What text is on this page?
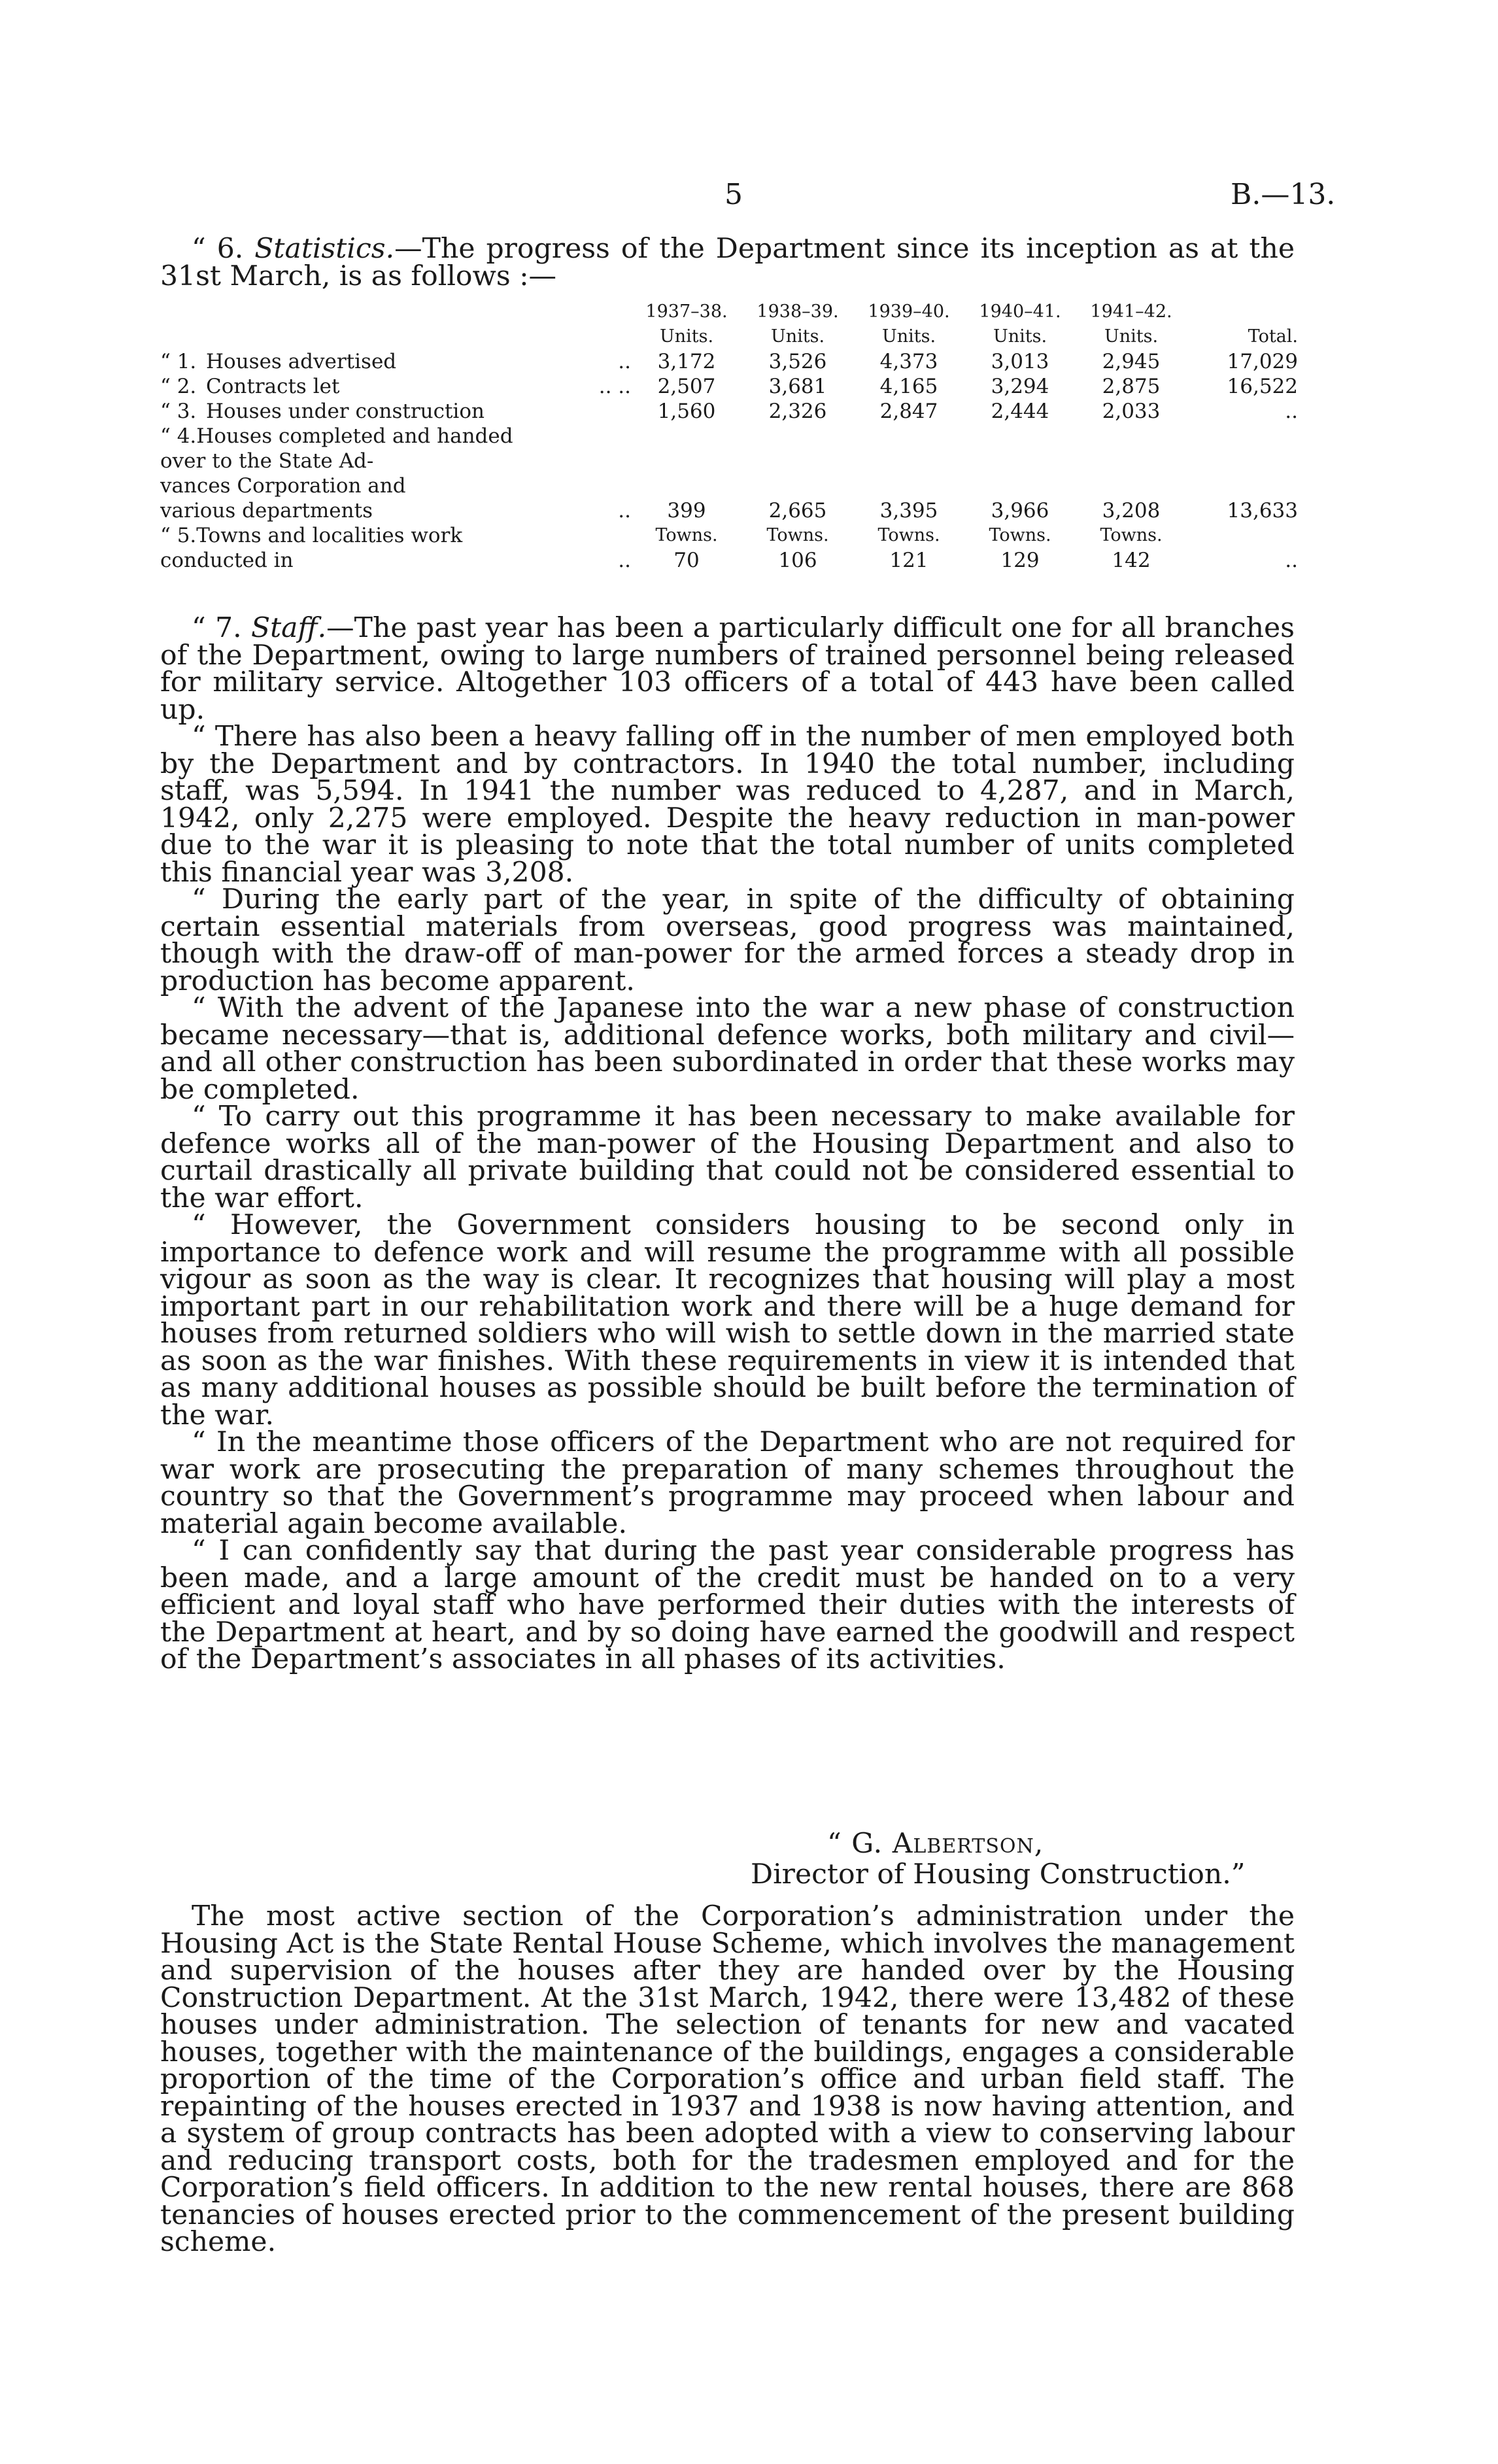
5	B.—13.

“ 6. Statistics.—The progress of the Department since its inception as at the 31st March, is as follows :—

	1937–38.	1938–39.	1939–40.	1940–41.	1941–42.	
	Units.	Units.	Units.	Units.	Units.	Total.

“ 1. Houses advertised ..	3,172	3,526	4,373	3,013	2,945	17,029

“ 2. Contracts let .. ..	2,507	3,681	4,165	3,294	2,875	16,522

“ 3. Houses under construction	1,560	2,326	2,847	2,444	2,033	..
“ 4.Houses completed and handed						
over to the State Ad-						
vances Corporation and						

various departments ..	399	2,665	3,395	3,966	3,208	13,633
“ 5.Towns and localities work	Towns.	Towns.	Towns.	Towns.	Towns.	

conducted in ..	70	106	121	129	142	..

“ 7. Staff.—The past year has been a particularly difficult one for all branches of the Department, owing to large numbers of trained personnel being released for military service. Altogether 103 officers of a total of 443 have been called up.

“ There has also been a heavy falling off in the number of men employed both by the Department and by contractors. In 1940 the total number, including staff, was 5,594. In 1941 the number was reduced to 4,287, and in March, 1942, only 2,275 were employed. Despite the heavy reduction in man-power due to the war it is pleasing to note that the total number of units completed this financial year was 3,208.

“ During the early part of the year, in spite of the difficulty of obtaining certain essential materials from overseas, good progress was maintained, though with the draw-off of man-power for the armed forces a steady drop in production has become apparent.

“ With the advent of the Japanese into the war a new phase of construction became necessary—that is, additional defence works, both military and civil—and all other construction has been subordinated in order that these works may be completed.

“ To carry out this programme it has been necessary to make available for defence works all of the man-power of the Housing Department and also to curtail drastically all private building that could not be considered essential to the war effort.

“ However, the Government considers housing to be second only in importance to defence work and will resume the programme with all possible vigour as soon as the way is clear. It recognizes that housing will play a most important part in our rehabilitation work and there will be a huge demand for houses from returned soldiers who will wish to settle down in the married state as soon as the war finishes. With these requirements in view it is intended that as many additional houses as possible should be built before the termination of the war.

“ In the meantime those officers of the Department who are not required for war work are prosecuting the preparation of many schemes throughout the country so that the Government’s programme may proceed when labour and material again become available.

“ I can confidently say that during the past year considerable progress has been made, and a large amount of the credit must be handed on to a very efficient and loyal staff who have performed their duties with the interests of the Department at heart, and by so doing have earned the goodwill and respect of the Department’s associates in all phases of its activities.

“ G. Albertson,
Director of Housing Construction.”

The most active section of the Corporation’s administration under the Housing Act is the State Rental House Scheme, which involves the management and supervision of the houses after they are handed over by the Housing Construction Department. At the 31st March, 1942, there were 13,482 of these houses under administration. The selection of tenants for new and vacated houses, together with the maintenance of the buildings, engages a considerable proportion of the time of the Corporation’s office and urban field staff. The repainting of the houses erected in 1937 and 1938 is now having attention, and a system of group contracts has been adopted with a view to conserving labour and reducing transport costs, both for the tradesmen employed and for the Corporation’s field officers. In addition to the new rental houses, there are 868 tenancies of houses erected prior to the commencement of the present building scheme.
